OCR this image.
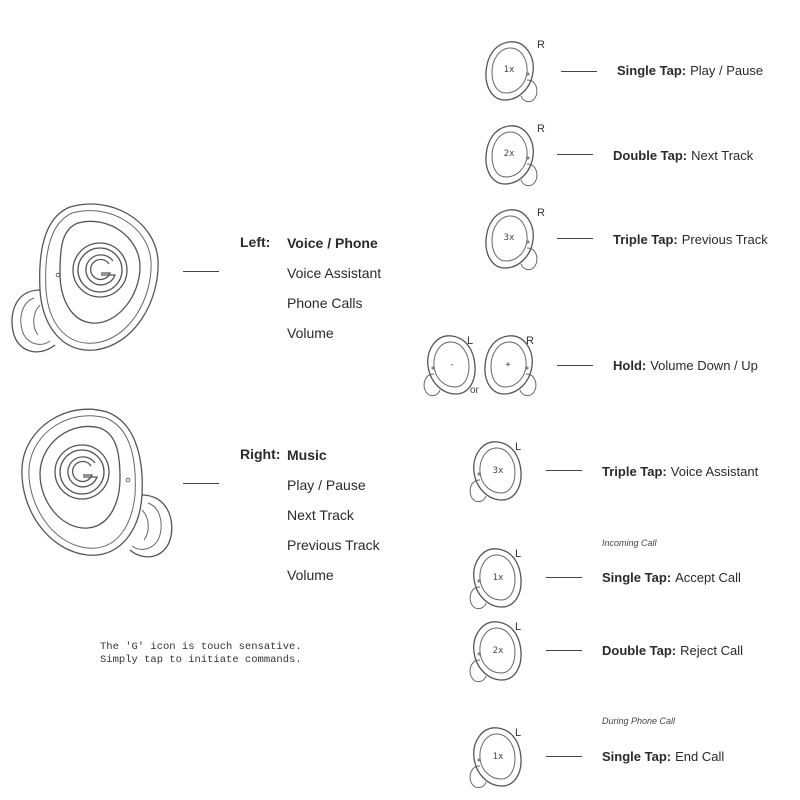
Left: Voice / Phone
Voice Assistant
Phone Calls
Volume
Right: Music
Play / Pause
Next Track
Previous Track
Volume
The 'G' icon is touch sensative.
Simply tap to initiate commands.
1x
R
Single Tap: Play / Pause
2x
R
Double Tap: Next Track
3x
R
Triple Tap: Previous Track
-
L
or
+
R
Hold: Volume Down / Up
3x
L
Triple Tap: Voice Assistant
Incoming Call
1x
L
Single Tap: Accept Call
2x
L
Double Tap: Reject Call
During Phone Call
1x
L
Single Tap: End Call
